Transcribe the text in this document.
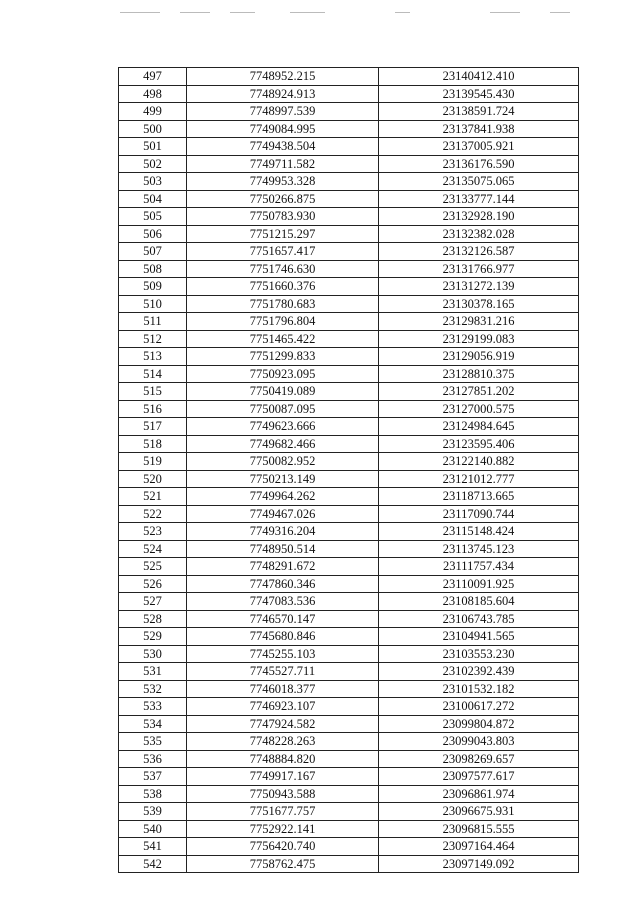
497	7748952.215	23140412.410
498	7748924.913	23139545.430
499	7748997.539	23138591.724
500	7749084.995	23137841.938
501	7749438.504	23137005.921
502	7749711.582	23136176.590
503	7749953.328	23135075.065
504	7750266.875	23133777.144
505	7750783.930	23132928.190
506	7751215.297	23132382.028
507	7751657.417	23132126.587
508	7751746.630	23131766.977
509	7751660.376	23131272.139
510	7751780.683	23130378.165
511	7751796.804	23129831.216
512	7751465.422	23129199.083
513	7751299.833	23129056.919
514	7750923.095	23128810.375
515	7750419.089	23127851.202
516	7750087.095	23127000.575
517	7749623.666	23124984.645
518	7749682.466	23123595.406
519	7750082.952	23122140.882
520	7750213.149	23121012.777
521	7749964.262	23118713.665
522	7749467.026	23117090.744
523	7749316.204	23115148.424
524	7748950.514	23113745.123
525	7748291.672	23111757.434
526	7747860.346	23110091.925
527	7747083.536	23108185.604
528	7746570.147	23106743.785
529	7745680.846	23104941.565
530	7745255.103	23103553.230
531	7745527.711	23102392.439
532	7746018.377	23101532.182
533	7746923.107	23100617.272
534	7747924.582	23099804.872
535	7748228.263	23099043.803
536	7748884.820	23098269.657
537	7749917.167	23097577.617
538	7750943.588	23096861.974
539	7751677.757	23096675.931
540	7752922.141	23096815.555
541	7756420.740	23097164.464
542	7758762.475	23097149.092
